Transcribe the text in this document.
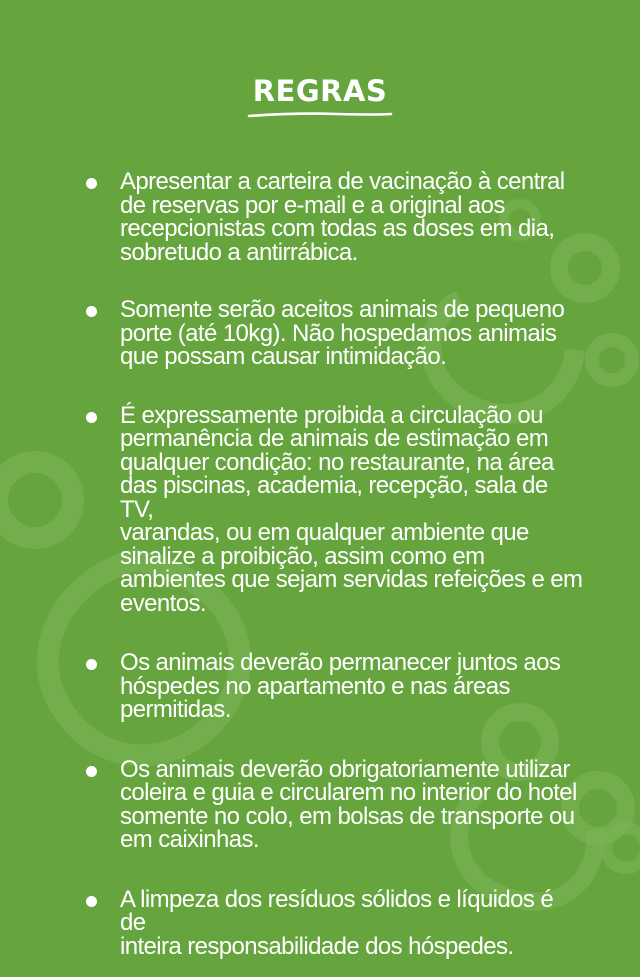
REGRAS
Apresentar a carteira de vacinação à central
de reservas por e-mail e a original aos
recepcionistas com todas as doses em dia,
sobretudo a antirrábica.
Somente serão aceitos animais de pequeno
porte (até 10kg). Não hospedamos animais
que possam causar intimidação.
É expressamente proibida a circulação ou
permanência de animais de estimação em
qualquer condição: no restaurante, na área
das piscinas, academia, recepção, sala de TV,
varandas, ou em qualquer ambiente que
sinalize a proibição, assim como em
ambientes que sejam servidas refeições e em
eventos.
Os animais deverão permanecer juntos aos
hóspedes no apartamento e nas áreas
permitidas.
Os animais deverão obrigatoriamente utilizar
coleira e guia e circularem no interior do hotel
somente no colo, em bolsas de transporte ou
em caixinhas.
A limpeza dos resíduos sólidos e líquidos é de
inteira responsabilidade dos hóspedes.
